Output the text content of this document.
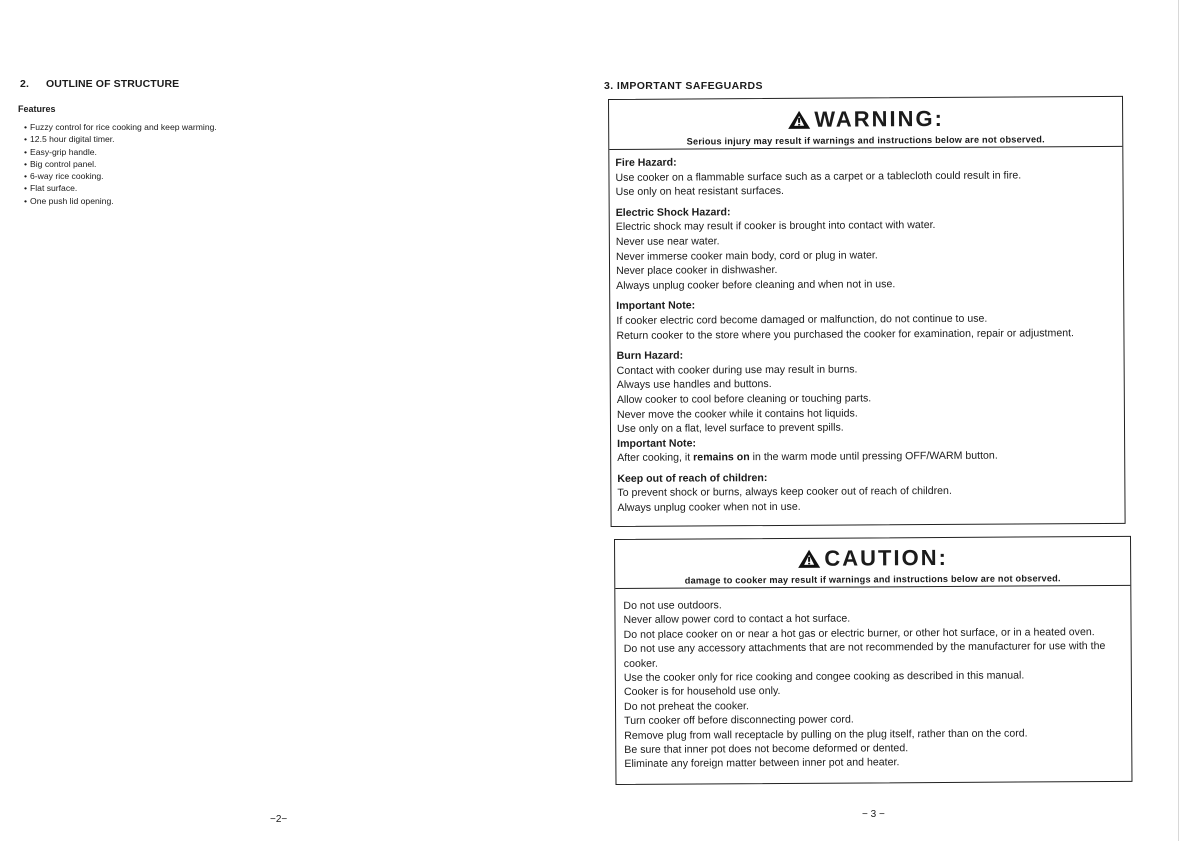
2. OUTLINE OF STRUCTURE
Features
• Fuzzy control for rice cooking and keep warming.
• 12.5 hour digital timer.
• Easy-grip handle.
• Big control panel.
• 6-way rice cooking.
• Flat surface.
• One push lid opening.
−2−
3. IMPORTANT SAFEGUARDS
WARNING:
Serious injury may result if warnings and instructions below are not observed.
Fire Hazard:
Use cooker on a flammable surface such as a carpet or a tablecloth could result in fire.
Use only on heat resistant surfaces.
Electric Shock Hazard:
Electric shock may result if cooker is brought into contact with water.
Never use near water.
Never immerse cooker main body, cord or plug in water.
Never place cooker in dishwasher.
Always unplug cooker before cleaning and when not in use.
Important Note:
If cooker electric cord become damaged or malfunction, do not continue to use.
Return cooker to the store where you purchased the cooker for examination, repair or adjustment.
Burn Hazard:
Contact with cooker during use may result in burns.
Always use handles and buttons.
Allow cooker to cool before cleaning or touching parts.
Never move the cooker while it contains hot liquids.
Use only on a flat, level surface to prevent spills.
Important Note:
After cooking, it remains on in the warm mode until pressing OFF/WARM button.
Keep out of reach of children:
To prevent shock or burns, always keep cooker out of reach of children.
Always unplug cooker when not in use.
CAUTION:
damage to cooker may result if warnings and instructions below are not observed.
Do not use outdoors.
Never allow power cord to contact a hot surface.
Do not place cooker on or near a hot gas or electric burner, or other hot surface, or in a heated oven.
Do not use any accessory attachments that are not recommended by the manufacturer for use with the cooker.
Use the cooker only for rice cooking and congee cooking as described in this manual.
Cooker is for household use only.
Do not preheat the cooker.
Turn cooker off before disconnecting power cord.
Remove plug from wall receptacle by pulling on the plug itself, rather than on the cord.
Be sure that inner pot does not become deformed or dented.
Eliminate any foreign matter between inner pot and heater.
− 3 −
